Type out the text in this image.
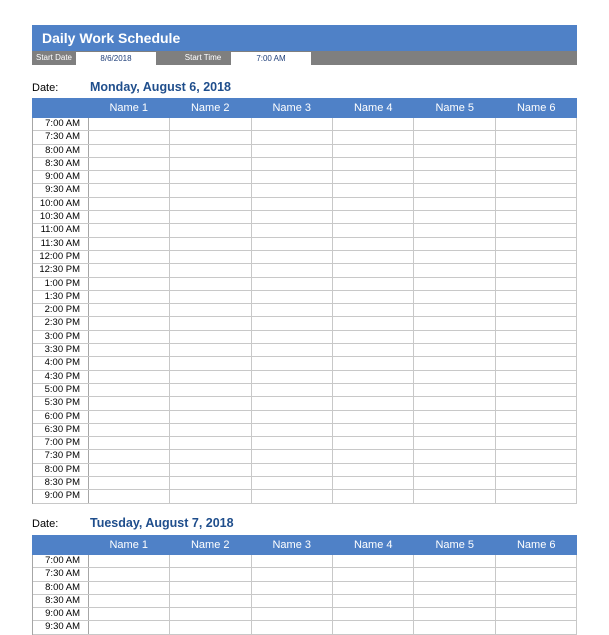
Daily Work Schedule
Start Date	8/6/2018	Start Time	7:00 AM
Date:	Monday, August 6, 2018
Name 1	Name 2	Name 3	Name 4	Name 5	Name 6
7:00 AM
7:30 AM
8:00 AM
8:30 AM
9:00 AM
9:30 AM
10:00 AM
10:30 AM
11:00 AM
11:30 AM
12:00 PM
12:30 PM
1:00 PM
1:30 PM
2:00 PM
2:30 PM
3:00 PM
3:30 PM
4:00 PM
4:30 PM
5:00 PM
5:30 PM
6:00 PM
6:30 PM
7:00 PM
7:30 PM
8:00 PM
8:30 PM
9:00 PM
Date:	Tuesday, August 7, 2018
Name 1	Name 2	Name 3	Name 4	Name 5	Name 6
7:00 AM
7:30 AM
8:00 AM
8:30 AM
9:00 AM
9:30 AM
